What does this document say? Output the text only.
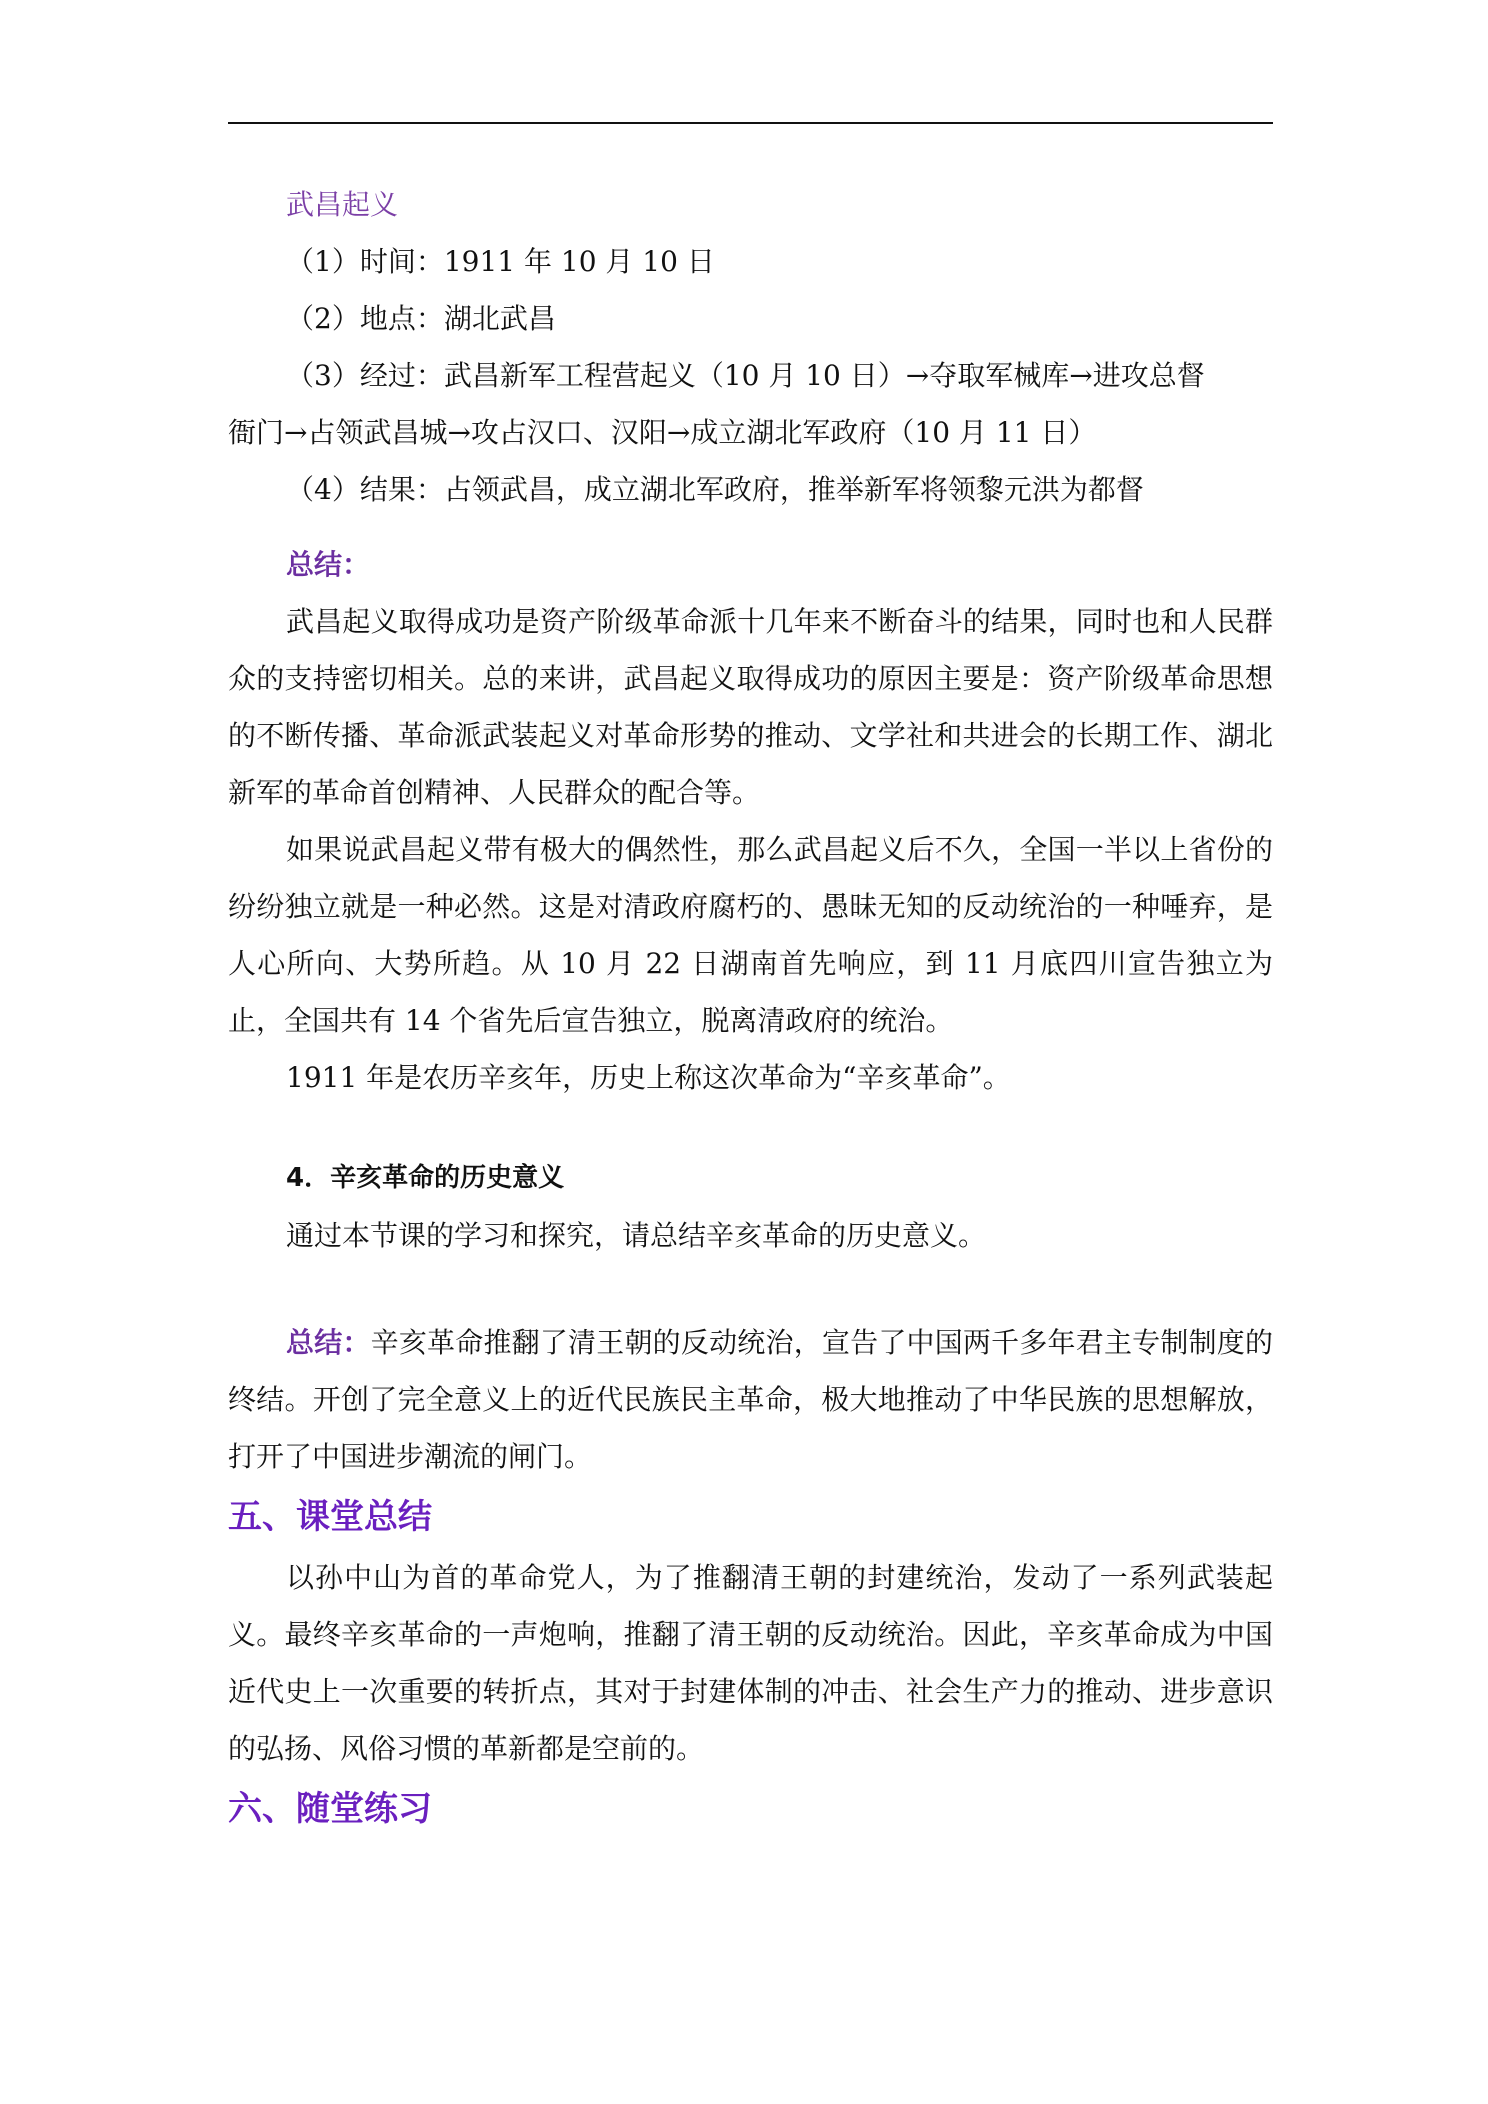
武昌起义

（1）时间：1911 年 10 月 10 日

（2）地点：湖北武昌

（3）经过：武昌新军工程营起义（10 月 10 日）→夺取军械库→进攻总督

衙门→占领武昌城→攻占汉口、汉阳→成立湖北军政府（10 月 11 日）

（4）结果：占领武昌，成立湖北军政府，推举新军将领黎元洪为都督

总结：

武昌起义取得成功是资产阶级革命派十几年来不断奋斗的结果，同时也和人民群众的支持密切相关。总的来讲，武昌起义取得成功的原因主要是：资产阶级革命思想的不断传播、革命派武装起义对革命形势的推动、文学社和共进会的长期工作、湖北新军的革命首创精神、人民群众的配合等。

如果说武昌起义带有极大的偶然性，那么武昌起义后不久，全国一半以上省份的纷纷独立就是一种必然。这是对清政府腐朽的、愚昧无知的反动统治的一种唾弃，是人心所向、大势所趋。从 10 月 22 日湖南首先响应，到 11 月底四川宣告独立为止，全国共有 14 个省先后宣告独立，脱离清政府的统治。

1911 年是农历辛亥年，历史上称这次革命为“辛亥革命”。

4．辛亥革命的历史意义

通过本节课的学习和探究，请总结辛亥革命的历史意义。

总结：辛亥革命推翻了清王朝的反动统治，宣告了中国两千多年君主专制制度的终结。开创了完全意义上的近代民族民主革命，极大地推动了中华民族的思想解放，打开了中国进步潮流的闸门。

五、课堂总结

以孙中山为首的革命党人，为了推翻清王朝的封建统治，发动了一系列武装起义。最终辛亥革命的一声炮响，推翻了清王朝的反动统治。因此，辛亥革命成为中国近代史上一次重要的转折点，其对于封建体制的冲击、社会生产力的推动、进步意识的弘扬、风俗习惯的革新都是空前的。

六、随堂练习
